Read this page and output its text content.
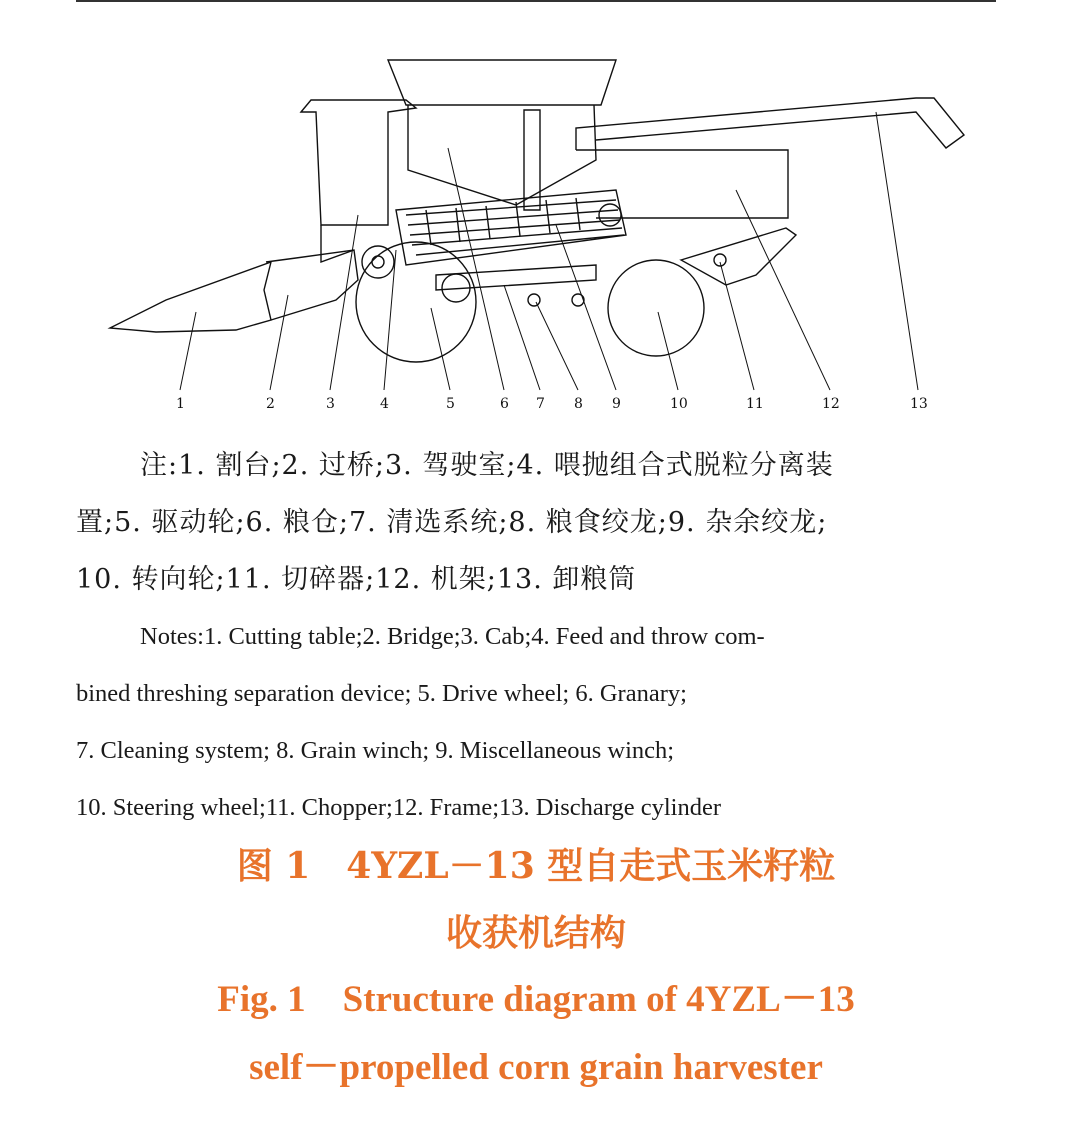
1	2	3	4	5	6 7 8 9	10	11	12	13
注:1. 割台;2. 过桥;3. 驾驶室;4. 喂抛组合式脱粒分离装
置;5. 驱动轮;6. 粮仓;7. 清选系统;8. 粮食绞龙;9. 杂余绞龙;
10. 转向轮;11. 切碎器;12. 机架;13. 卸粮筒
Notes:1. Cutting table;2. Bridge;3. Cab;4. Feed and throw com-
bined threshing separation device; 5. Drive wheel; 6. Granary;
7. Cleaning system; 8. Grain winch; 9. Miscellaneous winch;
10. Steering wheel;11. Chopper;12. Frame;13. Discharge cylinder
图 1　4YZL－13 型自走式玉米籽粒
收获机结构
Fig. 1　Structure diagram of 4YZL－13
self－propelled corn grain harvester
